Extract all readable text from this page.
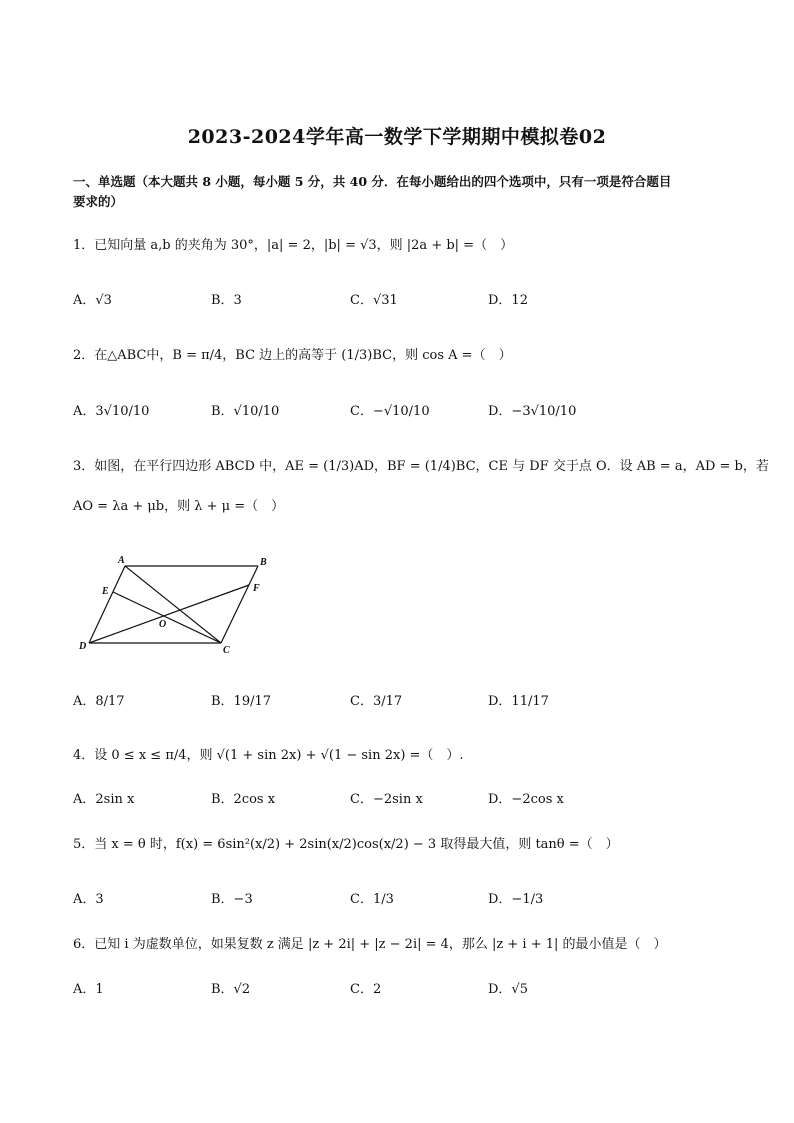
2023-2024学年高一数学下学期期中模拟卷02
一、单选题（本大题共 8 小题，每小题 5 分，共 40 分．在每小题给出的四个选项中，只有一项是符合题目
要求的）
1．已知向量 a,b 的夹角为 30°，|a| = 2，|b| = √3，则 |2a + b| =（　）
A．√3	B．3	C．√31	D．12
2．在△ABC中，B = π/4，BC 边上的高等于 (1/3)BC，则 cos A =（　）
A．3√10/10	B．√10/10	C．−√10/10	D．−3√10/10
3．如图，在平行四边形 ABCD 中，AE = (1/3)AD，BF = (1/4)BC，CE 与 DF 交于点 O．设 AB = a，AD = b，若
AO = λa + μb，则 λ + μ =（　）
A	B
C
D
E	F
O
A．8/17	B．19/17	C．3/17	D．11/17
4．设 0 ≤ x ≤ π/4，则 √(1 + sin 2x) + √(1 − sin 2x) =（　）.
A．2sin x	B．2cos x	C．−2sin x	D．−2cos x
5．当 x = θ 时，f(x) = 6sin²(x/2) + 2sin(x/2)cos(x/2) − 3 取得最大值，则 tanθ =（　）
A．3	B．−3	C．1/3	D．−1/3
6．已知 i 为虚数单位，如果复数 z 满足 |z + 2i| + |z − 2i| = 4，那么 |z + i + 1| 的最小值是（　）
A．1	B．√2	C．2	D．√5
